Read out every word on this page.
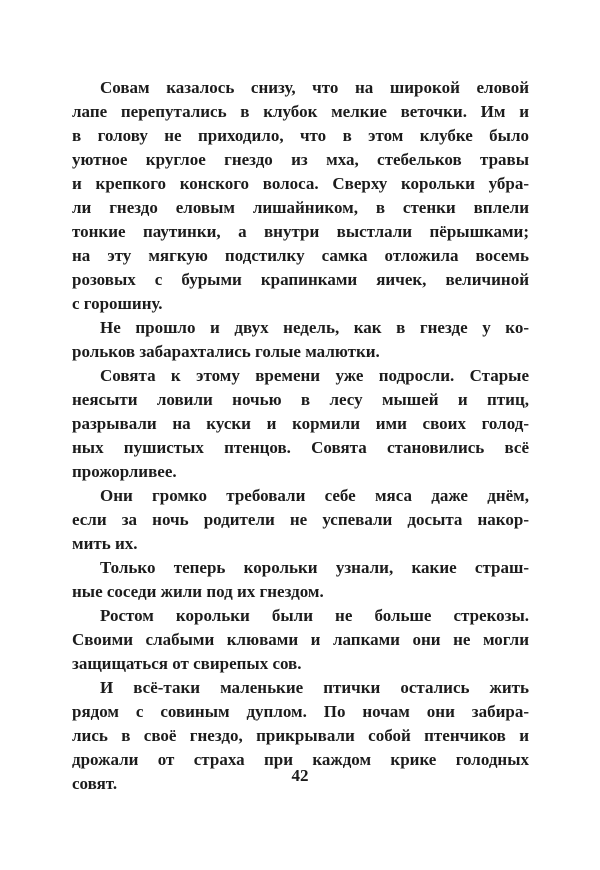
Совам казалось снизу, что на широкой еловой
лапе перепутались в клубок мелкие веточки. Им и
в голову не приходило, что в этом клубке было
уютное круглое гнездо из мха, стебельков травы
и крепкого конского волоса. Сверху корольки убра-
ли гнездо еловым лишайником, в стенки вплели
тонкие паутинки, а внутри выстлали пёрышками;
на эту мягкую подстилку самка отложила восемь
розовых с бурыми крапинками яичек, величиной
с горошину.
Не прошло и двух недель, как в гнезде у ко-
рольков забарахтались голые малютки.
Совята к этому времени уже подросли. Старые
неясыти ловили ночью в лесу мышей и птиц,
разрывали на куски и кормили ими своих голод-
ных пушистых птенцов. Совята становились всё
прожорливее.
Они громко требовали себе мяса даже днём,
если за ночь родители не успевали досыта накор-
мить их.
Только теперь корольки узнали, какие страш-
ные соседи жили под их гнездом.
Ростом корольки были не больше стрекозы.
Своими слабыми клювами и лапками они не могли
защищаться от свирепых сов.
И всё-таки маленькие птички остались жить
рядом с совиным дуплом. По ночам они забира-
лись в своё гнездо, прикрывали собой птенчиков и
дрожали от страха при каждом крике голодных
совят.	42
